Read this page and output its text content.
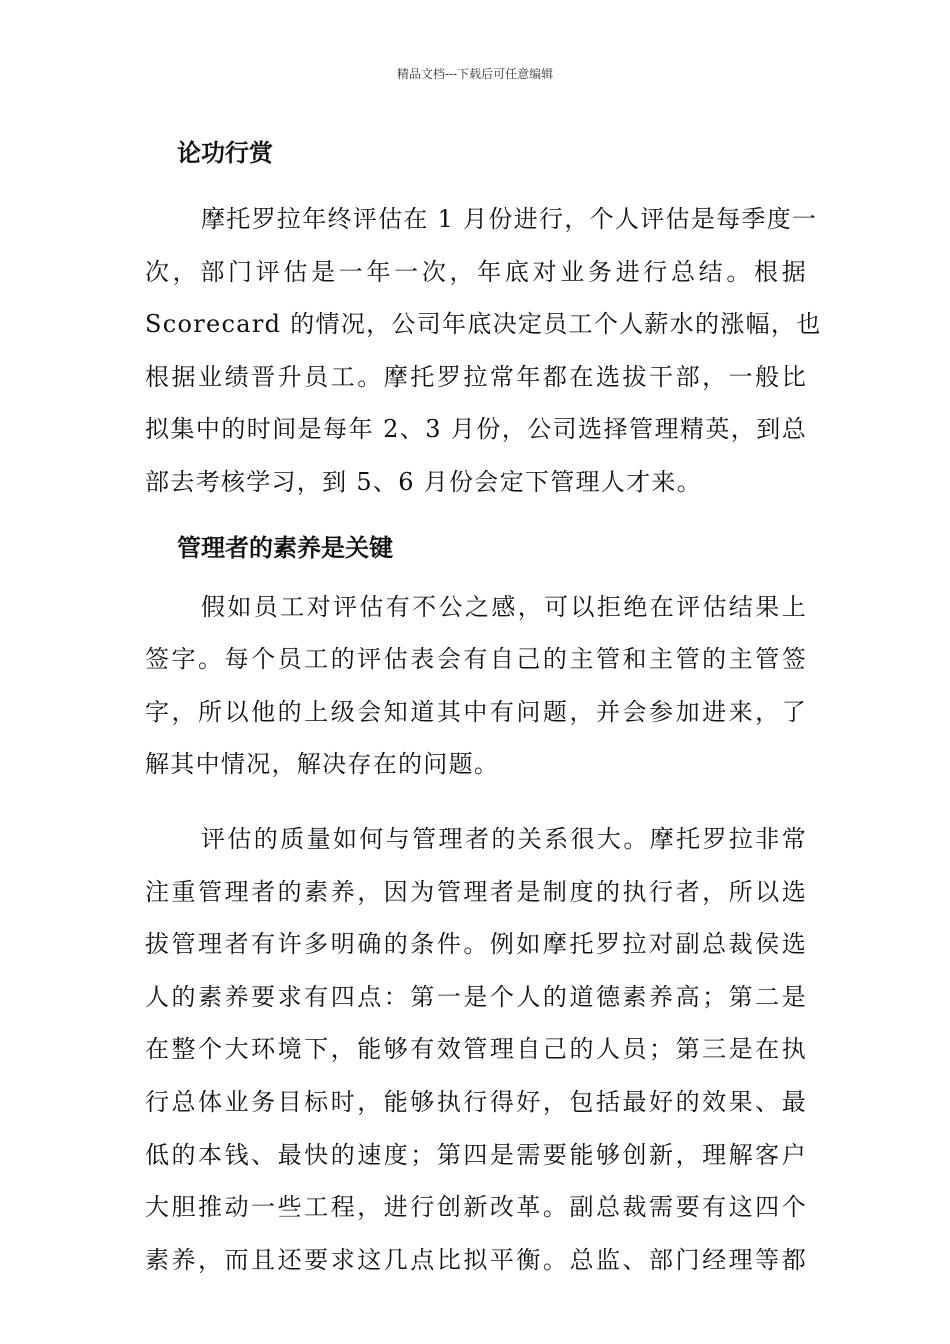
精品文档---下载后可任意编辑
论功行赏
摩托罗拉年终评估在 1 月份进行，个人评估是每季度一
次，部门评估是一年一次，年底对业务进行总结。根据
Scorecard 的情况，公司年底决定员工个人薪水的涨幅，也
根据业绩晋升员工。摩托罗拉常年都在选拔干部，一般比
拟集中的时间是每年 2、3 月份，公司选择管理精英，到总
部去考核学习，到 5、6 月份会定下管理人才来。
管理者的素养是关键
假如员工对评估有不公之感，可以拒绝在评估结果上
签字。每个员工的评估表会有自己的主管和主管的主管签
字，所以他的上级会知道其中有问题，并会参加进来，了
解其中情况，解决存在的问题。
评估的质量如何与管理者的关系很大。摩托罗拉非常
注重管理者的素养，因为管理者是制度的执行者，所以选
拔管理者有许多明确的条件。例如摩托罗拉对副总裁侯选
人的素养要求有四点：第一是个人的道德素养高；第二是
在整个大环境下，能够有效管理自己的人员；第三是在执
行总体业务目标时，能够执行得好，包括最好的效果、最
低的本钱、最快的速度；第四是需要能够创新，理解客户
大胆推动一些工程，进行创新改革。副总裁需要有这四个
素养，而且还要求这几点比拟平衡。总监、部门经理等都
